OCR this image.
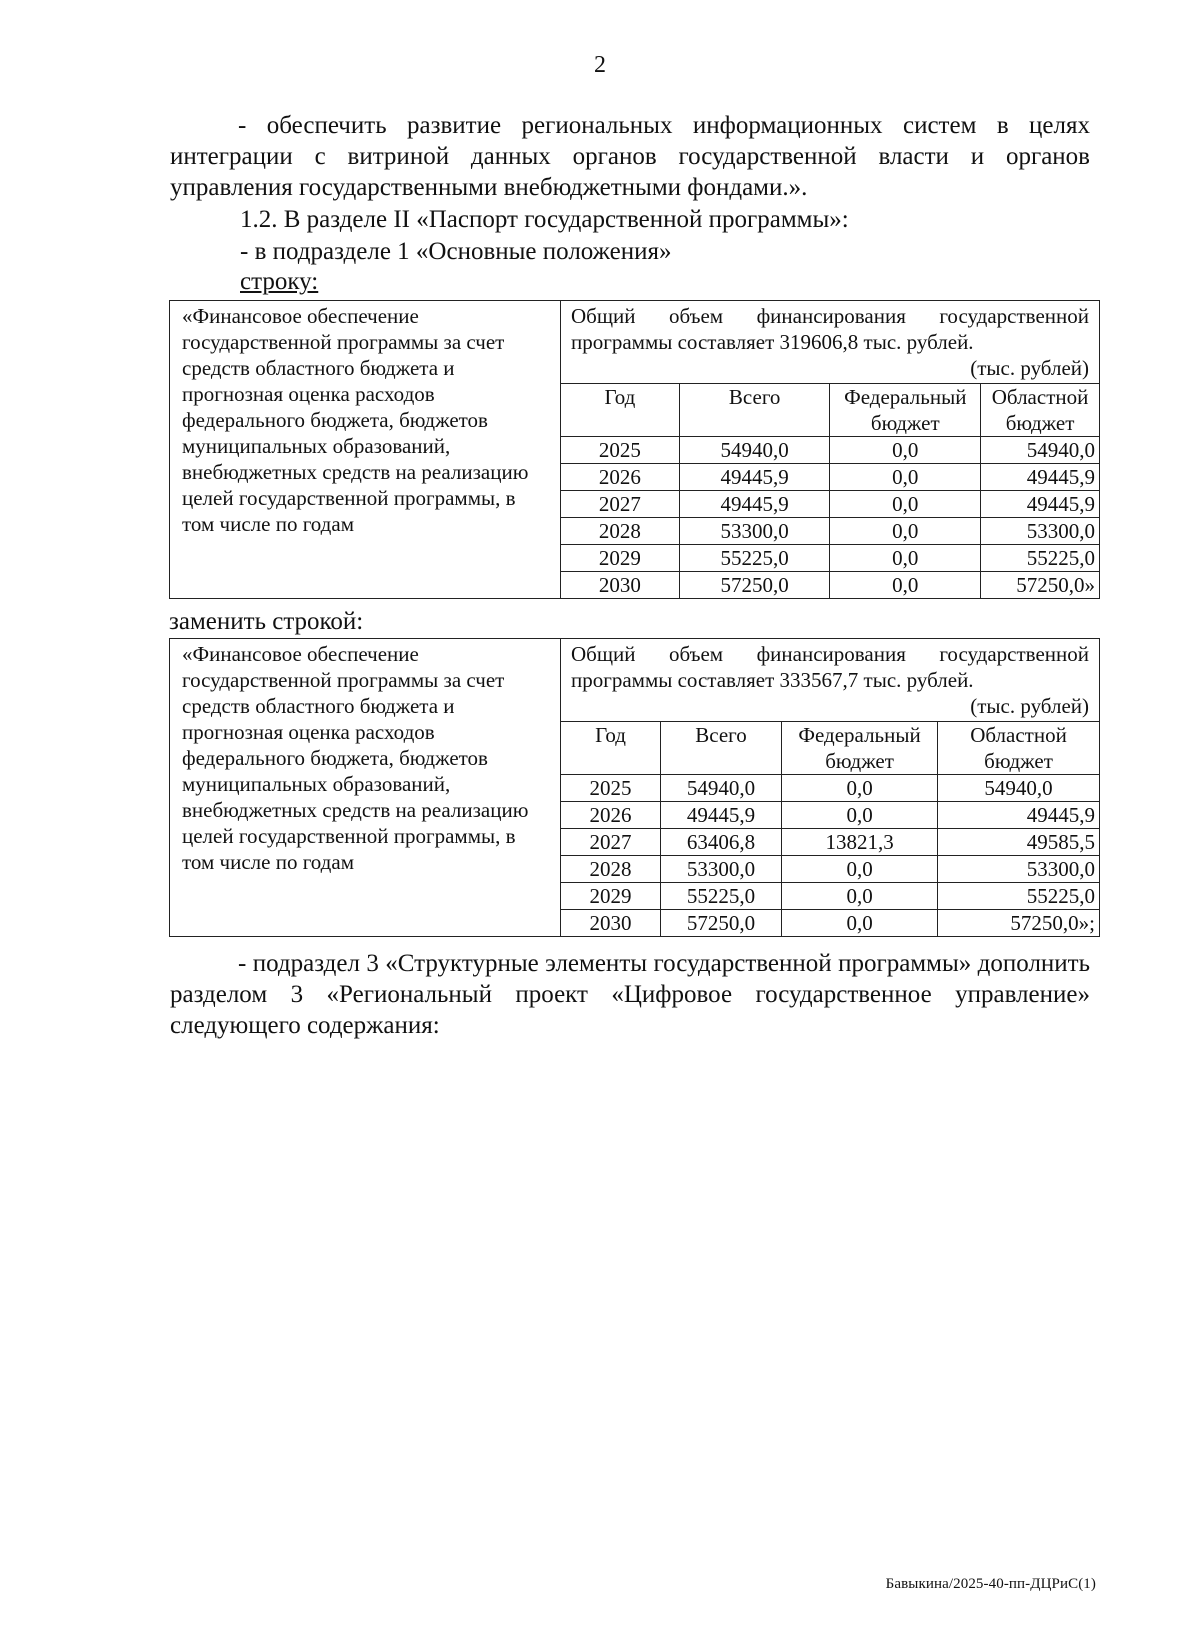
2
- обеспечить развитие региональных информационных систем в целях интеграции с витриной данных органов государственной власти и органов управления государственными внебюджетными фондами.».
1.2. В разделе II «Паспорт государственной программы»:
- в подразделе 1 «Основные положения»
строку:
«Финансовое обеспечение государственной программы за счет средств областного бюджета и прогнозная оценка расходов федерального бюджета, бюджетов муниципальных образований, внебюджетных средств на реализацию целей государственной программы, в том числе по годам	
Общий объем финансирования государственной программы составляет 319606,8 тыс. рублей.
(тыс. рублей)
Год	Всего	Федеральный бюджет	Областной бюджет
2025	54940,0	0,0	54940,0
2026	49445,9	0,0	49445,9
2027	49445,9	0,0	49445,9
2028	53300,0	0,0	53300,0
2029	55225,0	0,0	55225,0
2030	57250,0	0,0	57250,0»
заменить строкой:
«Финансовое обеспечение государственной программы за счет средств областного бюджета и прогнозная оценка расходов федерального бюджета, бюджетов муниципальных образований, внебюджетных средств на реализацию целей государственной программы, в том числе по годам	
Общий объем финансирования государственной программы составляет 333567,7 тыс. рублей.
(тыс. рублей)
Год	Всего	Федеральный бюджет	Областной бюджет
2025	54940,0	0,0	54940,0
2026	49445,9	0,0	49445,9
2027	63406,8	13821,3	49585,5
2028	53300,0	0,0	53300,0
2029	55225,0	0,0	55225,0
2030	57250,0	0,0	57250,0»;
- подраздел 3 «Структурные элементы государственной программы» дополнить разделом 3 «Региональный проект «Цифровое государственное управление» следующего содержания:
Бавыкина/2025-40-пп-ДЦРиС(1)
